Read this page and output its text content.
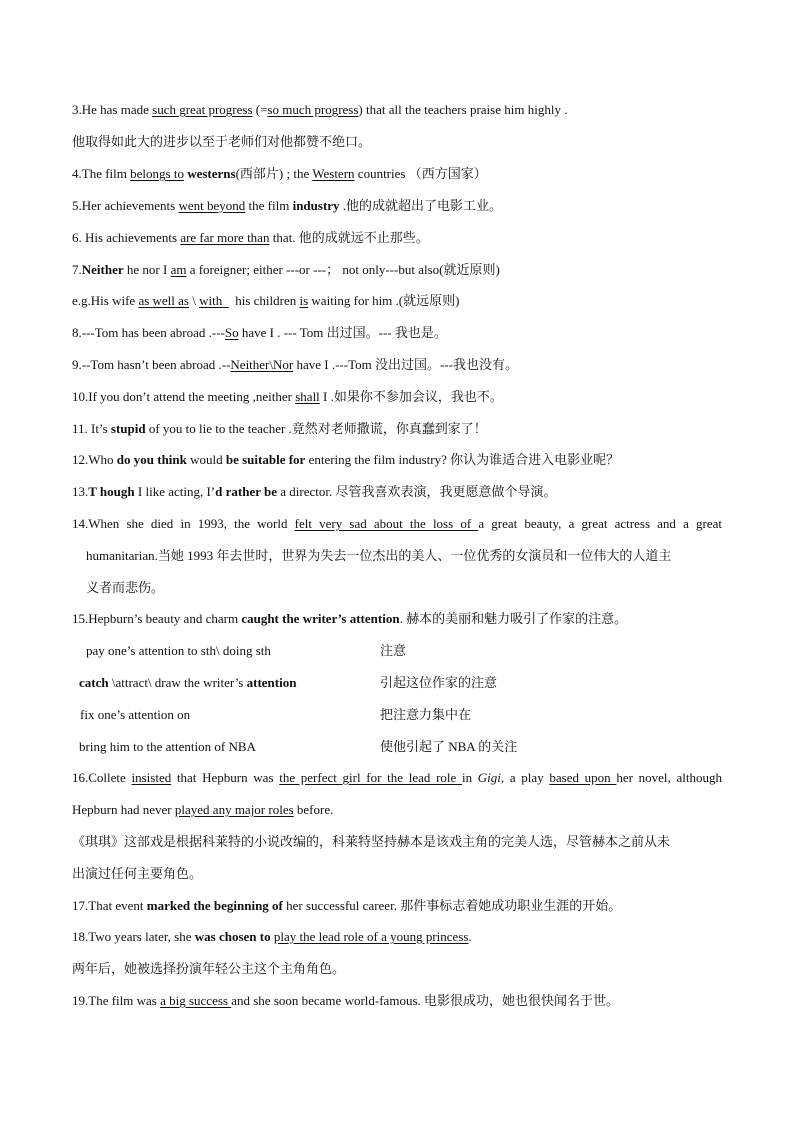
3.He has made such great progress (=so much progress) that all the teachers praise him highly .
他取得如此大的进步以至于老师们对他都赞不绝口。
4.The film belongs to westerns(西部片) ; the Western countries （西方国家）
5.Her achievements went beyond the film industry .他的成就超出了电影工业。
6. His achievements are far more than that. 他的成就远不止那些。
7.Neither he nor I am a foreigner; either ---or ---； not only---but also(就近原则)
e.g.His wife as well as \ with    his children is waiting for him .(就远原则)
8.---Tom has been abroad .---So have I . --- Tom 出过国。--- 我也是。
9.--Tom hasn’t been abroad .--Neither\Nor have I .---Tom 没出过国。---我也没有。
10.If you don’t attend the meeting ,neither shall I .如果你不参加会议，我也不。
11. It’s stupid of you to lie to the teacher .竟然对老师撒谎，你真蠢到家了！
12.Who do you think would be suitable for entering the film industry? 你认为谁适合进入电影业呢？
13.T hough I like acting, I’d rather be a director. 尽管我喜欢表演，我更愿意做个导演。
14.When she died in 1993, the world felt very sad about the loss of a great beauty, a great actress and a great
humanitarian.当她 1993 年去世时，世界为失去一位杰出的美人、一位优秀的女演员和一位伟大的人道主
义者而悲伤。
15.Hepburn’s beauty and charm caught the writer’s attention. 赫本的美丽和魅力吸引了作家的注意。
pay one’s attention to sth\ doing sth	注意
catch \attract\ draw the writer’s attention	引起这位作家的注意
fix one’s attention on	把注意力集中在
bring him to the attention of NBA	使他引起了 NBA 的关注
16.Collete insisted that Hepburn was the perfect girl for the lead role in Gigi, a play based upon her novel, although
Hepburn had never played any major roles before.
《琪琪》这部戏是根据科莱特的小说改编的，科莱特坚持赫本是该戏主角的完美人选，尽管赫本之前从未
出演过任何主要角色。
17.That event marked the beginning of her successful career. 那件事标志着她成功职业生涯的开始。
18.Two years later, she was chosen to play the lead role of a young princess.
两年后，她被选择扮演年轻公主这个主角角色。
19.The film was a big success and she soon became world-famous. 电影很成功，她也很快闻名于世。
